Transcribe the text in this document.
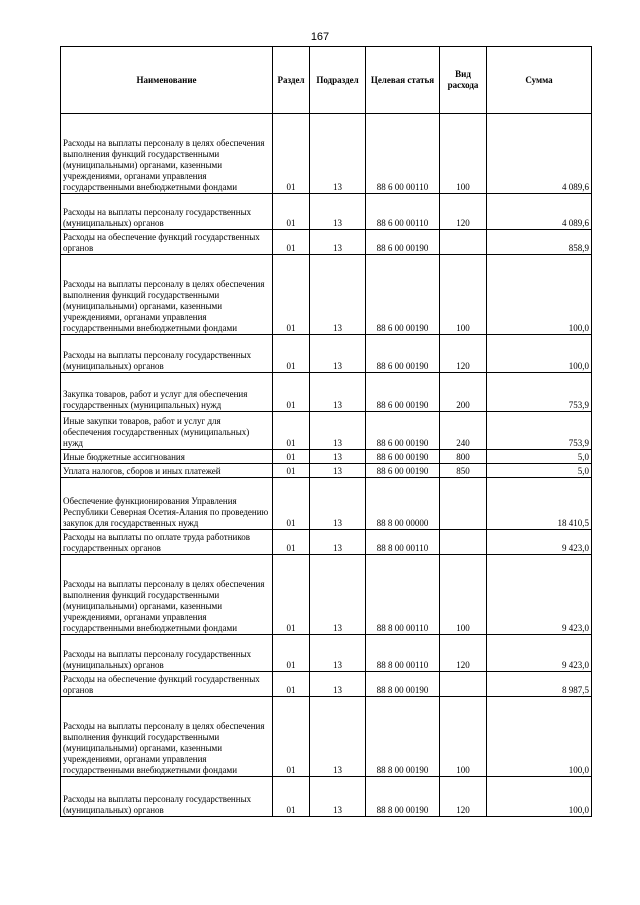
167
Наименование	Раздел	Подраздел	Целевая статья	Вид расхода	Сумма
Расходы на выплаты персоналу в целях обеспечения выполнения функций государственными (муниципальными) органами, казенными учреждениями, органами управления государственными внебюджетными фондами	01	13	88 6 00 00110	100	4 089,6
Расходы на выплаты персоналу государственных (муниципальных) органов	01	13	88 6 00 00110	120	4 089,6
Расходы на обеспечение функций государственных органов	01	13	88 6 00 00190		858,9
Расходы на выплаты персоналу в целях обеспечения выполнения функций государственными (муниципальными) органами, казенными учреждениями, органами управления государственными внебюджетными фондами	01	13	88 6 00 00190	100	100,0
Расходы на выплаты персоналу государственных (муниципальных) органов	01	13	88 6 00 00190	120	100,0
Закупка товаров, работ и услуг для обеспечения государственных (муниципальных) нужд	01	13	88 6 00 00190	200	753,9
Иные закупки товаров, работ и услуг для обеспечения государственных (муниципальных) нужд	01	13	88 6 00 00190	240	753,9
Иные бюджетные ассигнования	01	13	88 6 00 00190	800	5,0
Уплата налогов, сборов и иных платежей	01	13	88 6 00 00190	850	5,0
Обеспечение функционирования Управления Республики Северная Осетия-Алания по проведению закупок для государственных нужд	01	13	88 8 00 00000		18 410,5
Расходы на выплаты по оплате труда работников государственных органов	01	13	88 8 00 00110		9 423,0
Расходы на выплаты персоналу в целях обеспечения выполнения функций государственными (муниципальными) органами, казенными учреждениями, органами управления государственными внебюджетными фондами	01	13	88 8 00 00110	100	9 423,0
Расходы на выплаты персоналу государственных (муниципальных) органов	01	13	88 8 00 00110	120	9 423,0
Расходы на обеспечение функций государственных органов	01	13	88 8 00 00190		8 987,5
Расходы на выплаты персоналу в целях обеспечения выполнения функций государственными (муниципальными) органами, казенными учреждениями, органами управления государственными внебюджетными фондами	01	13	88 8 00 00190	100	100,0
Расходы на выплаты персоналу государственных (муниципальных) органов	01	13	88 8 00 00190	120	100,0
